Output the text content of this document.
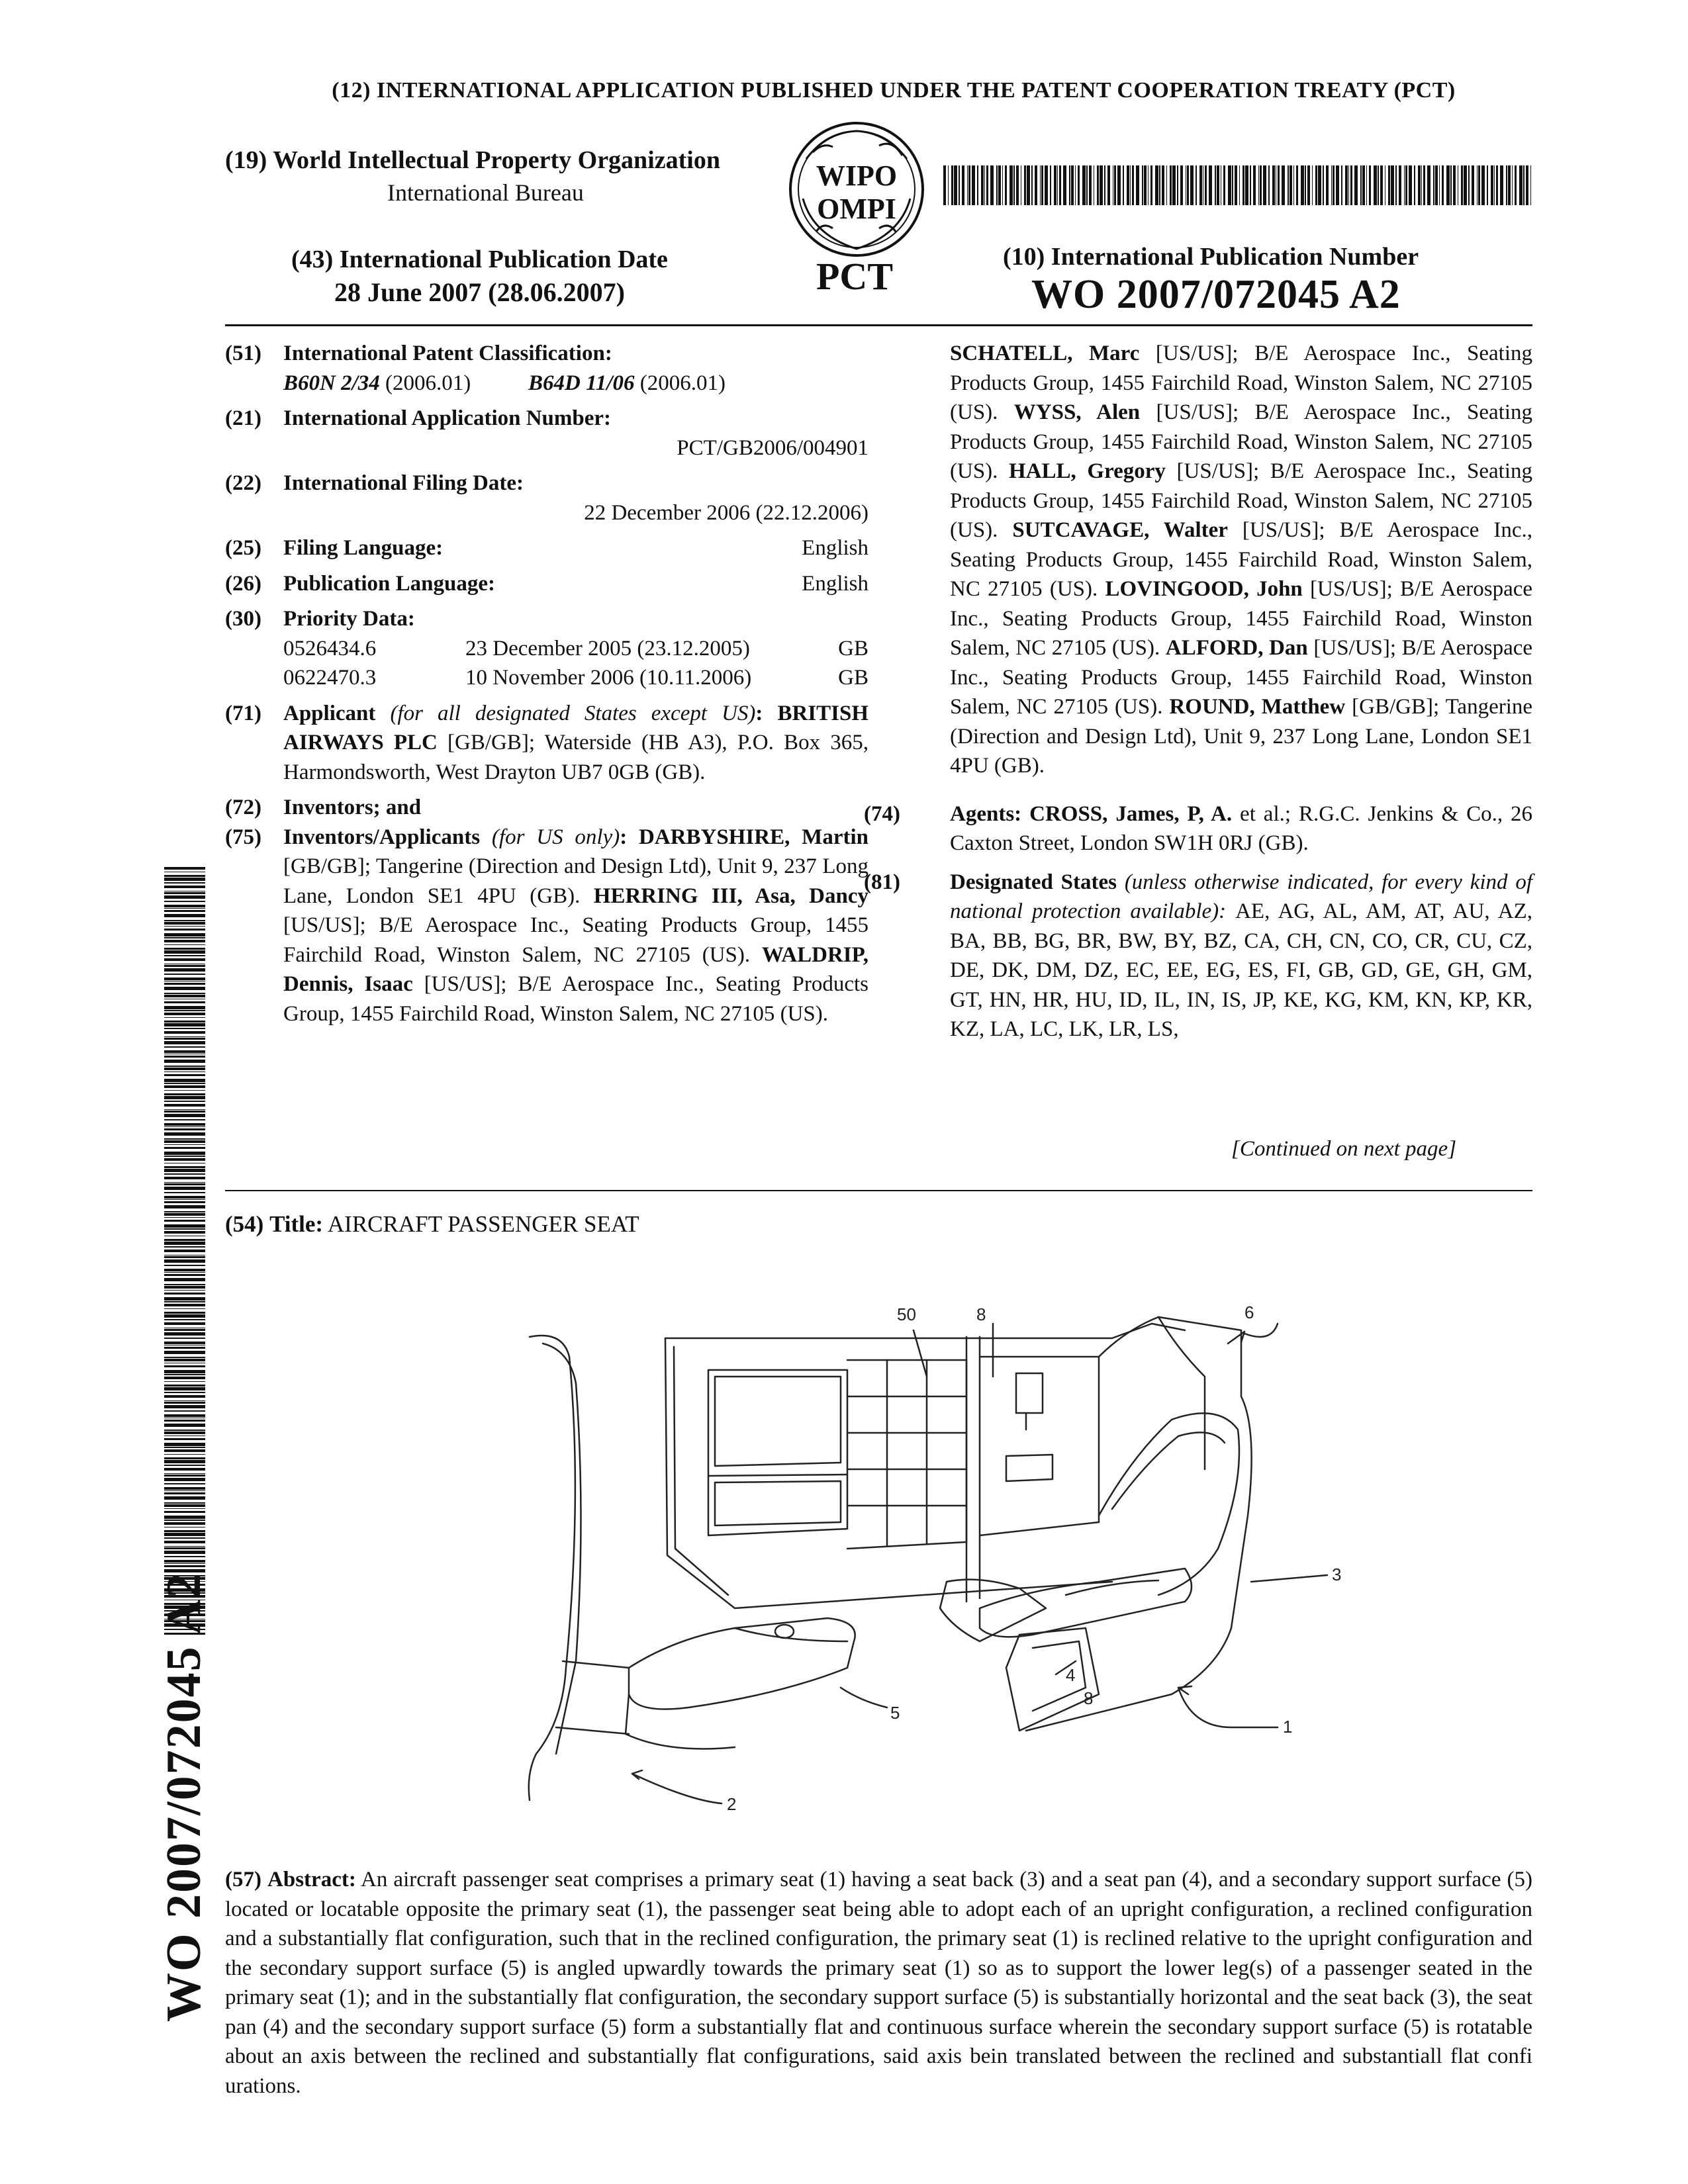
(12) INTERNATIONAL APPLICATION PUBLISHED UNDER THE PATENT COOPERATION TREATY (PCT)
(19) World Intellectual Property Organization
International Bureau
WIPO
OMPI
(43) International Publication Date
28 June 2007 (28.06.2007)	PCT	(10) International Publication Number
WO 2007/072045 A2
(51) International Patent Classification:
B60N 2/34 (2006.01)	B64D 11/06 (2006.01)
(21) International Application Number:
PCT/GB2006/004901
(22) International Filing Date:
22 December 2006 (22.12.2006)
(25) Filing Language:	English
(26) Publication Language:	English
(30) Priority Data:
0526434.6	23 December 2005 (23.12.2005)	GB
0622470.3	10 November 2006 (10.11.2006)	GB
(71) Applicant (for all designated States except US): BRITISH AIRWAYS PLC [GB/GB]; Waterside (HB A3), P.O. Box 365, Harmondsworth, West Drayton UB7 0GB (GB).
(72) Inventors; and
(75) Inventors/Applicants (for US only): DARBYSHIRE, Martin [GB/GB]; Tangerine (Direction and Design Ltd), Unit 9, 237 Long Lane, London SE1 4PU (GB). HERRING III, Asa, Dancy [US/US]; B/E Aerospace Inc., Seating Products Group, 1455 Fairchild Road, Winston Salem, NC 27105 (US). WALDRIP, Dennis, Isaac [US/US]; B/E Aerospace Inc., Seating Products Group, 1455 Fairchild Road, Winston Salem, NC 27105 (US).
SCHATELL, Marc [US/US]; B/E Aerospace Inc., Seating Products Group, 1455 Fairchild Road, Winston Salem, NC 27105 (US). WYSS, Alen [US/US]; B/E Aerospace Inc., Seating Products Group, 1455 Fairchild Road, Winston Salem, NC 27105 (US). HALL, Gregory [US/US]; B/E Aerospace Inc., Seating Products Group, 1455 Fairchild Road, Winston Salem, NC 27105 (US). SUTCAVAGE, Walter [US/US]; B/E Aerospace Inc., Seating Products Group, 1455 Fairchild Road, Winston Salem, NC 27105 (US). LOVINGOOD, John [US/US]; B/E Aerospace Inc., Seating Products Group, 1455 Fairchild Road, Winston Salem, NC 27105 (US). ALFORD, Dan [US/US]; B/E Aerospace Inc., Seating Products Group, 1455 Fairchild Road, Winston Salem, NC 27105 (US). ROUND, Matthew [GB/GB]; Tangerine (Direction and Design Ltd), Unit 9, 237 Long Lane, London SE1 4PU (GB).
(74) Agents: CROSS, James, P, A. et al.; R.G.C. Jenkins & Co., 26 Caxton Street, London SW1H 0RJ (GB).
(81) Designated States (unless otherwise indicated, for every kind of national protection available): AE, AG, AL, AM, AT, AU, AZ, BA, BB, BG, BR, BW, BY, BZ, CA, CH, CN, CO, CR, CU, CZ, DE, DK, DM, DZ, EC, EE, EG, ES, FI, GB, GD, GE, GH, GM, GT, HN, HR, HU, ID, IL, IN, IS, JP, KE, KG, KM, KN, KP, KR, KZ, LA, LC, LK, LR, LS,
[Continued on next page]
(54) Title: AIRCRAFT PASSENGER SEAT
50	8	6
3
4
8
5
1
2
(57) Abstract: An aircraft passenger seat comprises a primary seat (1) having a seat back (3) and a seat pan (4), and a secondary support surface (5) located or locatable opposite the primary seat (1), the passenger seat being able to adopt each of an upright configuration, a reclined configuration and a substantially flat configuration, such that in the reclined configuration, the primary seat (1) is reclined relative to the upright configuration and the secondary support surface (5) is angled upwardly towards the primary seat (1) so as to support the lower leg(s) of a passenger seated in the primary seat (1); and in the substantially flat configuration, the secondary support surface (5) is substantially horizontal and the seat back (3), the seat pan (4) and the secondary support surface (5) form a substantially flat and continuous surface wherein the secondary support surface (5) is rotatable about an axis between the reclined and substantially flat configurations, said axis bein translated between the reclined and substantiall flat confi urations.
WO 2007/072045 A2
